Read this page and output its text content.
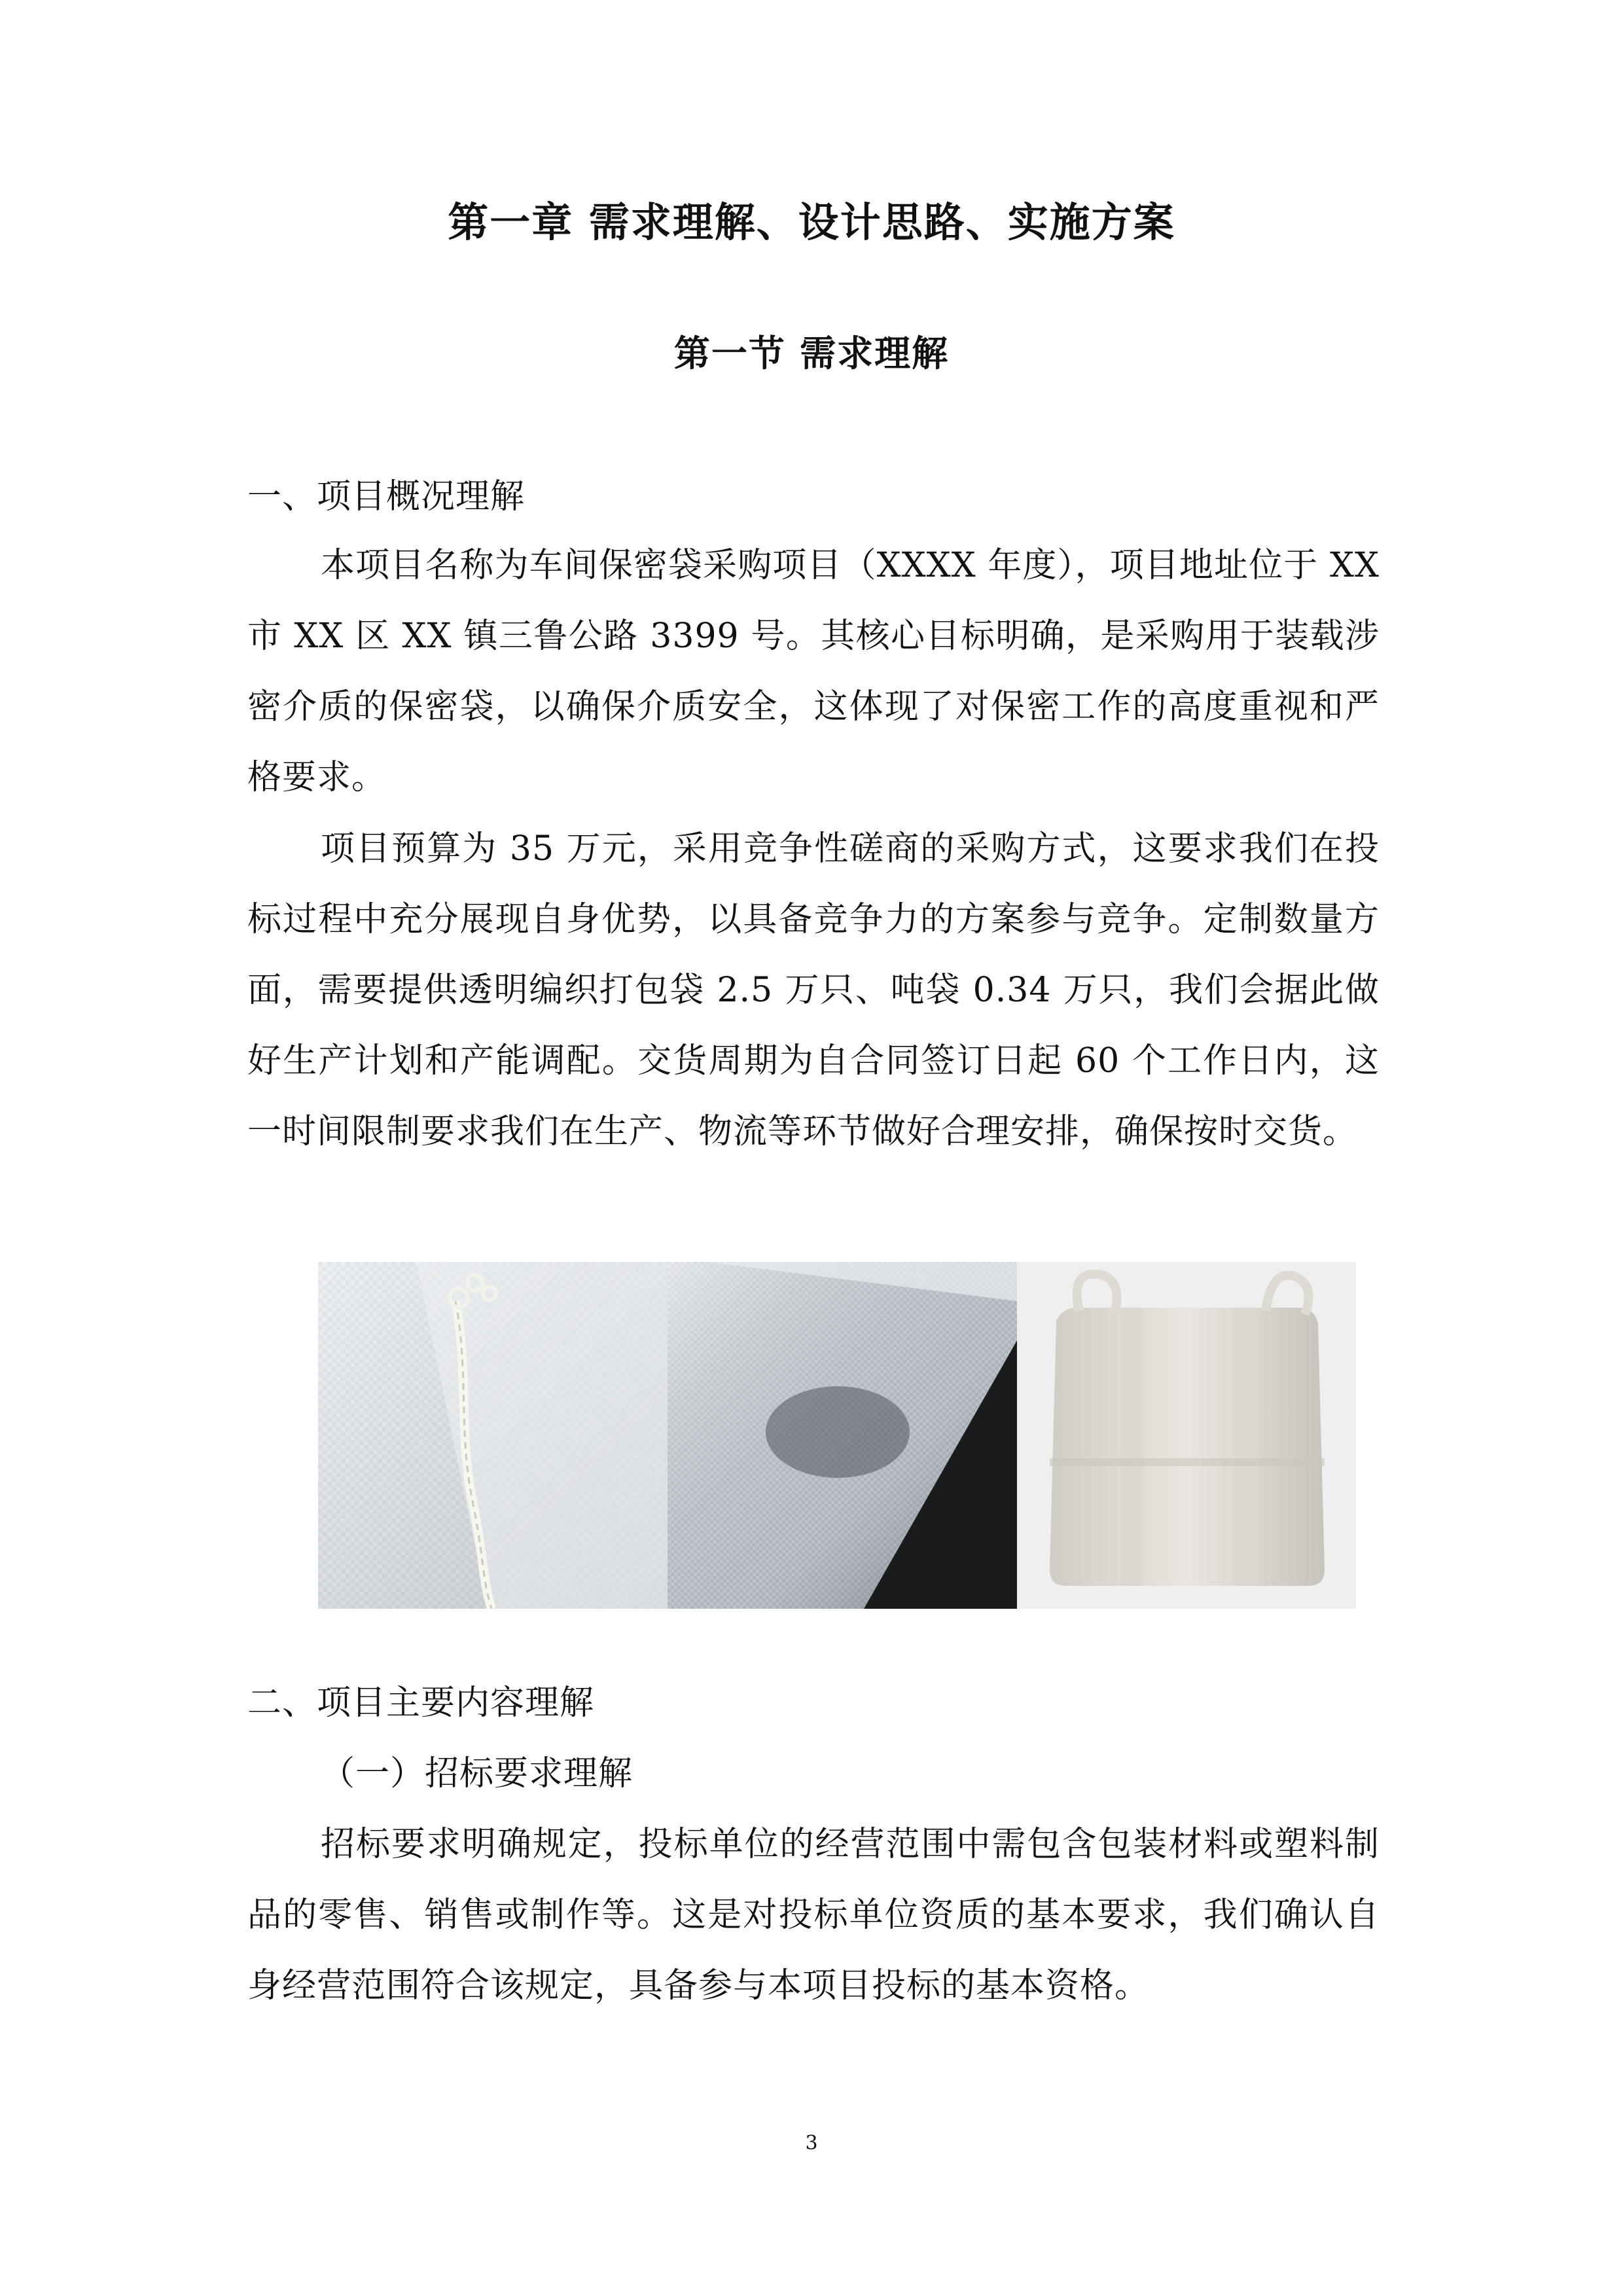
第一章 需求理解、设计思路、实施方案
第一节 需求理解
一、项目概况理解

本项目名称为车间保密袋采购项目（XXXX 年度），项目地址位于 XX 市 XX 区 XX 镇三鲁公路 3399 号。其核心目标明确，是采购用于装载涉密介质的保密袋，以确保介质安全，这体现了对保密工作的高度重视和严格要求。

项目预算为 35 万元，采用竞争性磋商的采购方式，这要求我们在投标过程中充分展现自身优势，以具备竞争力的方案参与竞争。定制数量方面，需要提供透明编织打包袋 2.5 万只、吨袋 0.34 万只，我们会据此做好生产计划和产能调配。交货周期为自合同签订日起 60 个工作日内，这一时间限制要求我们在生产、物流等环节做好合理安排，确保按时交货。

二、项目主要内容理解
（一）招标要求理解

招标要求明确规定，投标单位的经营范围中需包含包装材料或塑料制品的零售、销售或制作等。这是对投标单位资质的基本要求，我们确认自身经营范围符合该规定，具备参与本项目投标的基本资格。

3
